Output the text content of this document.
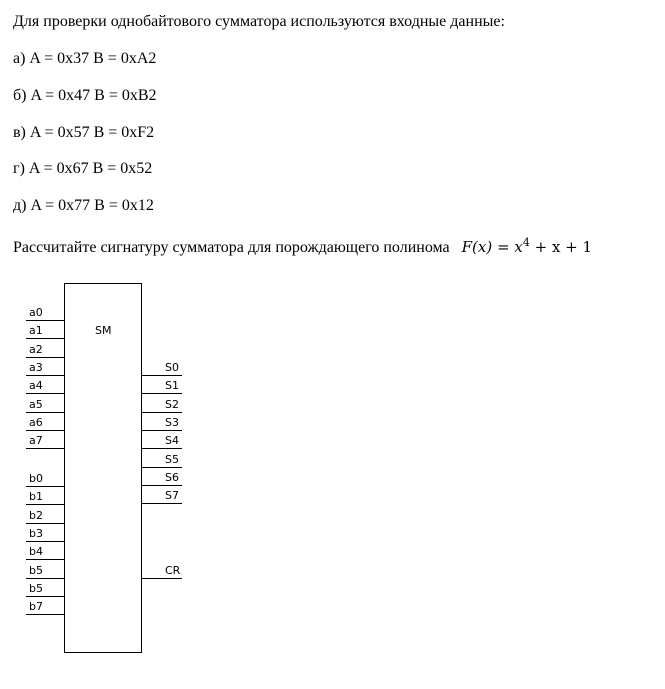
Для проверки однобайтового сумматора используются входные данные:
а) A = 0x37 B = 0xA2
б) A = 0x47 B = 0xB2
в) A = 0x57 B = 0xF2
г) A = 0x67 B = 0x52
д) A = 0x77 B = 0x12
Рассчитайте сигнатуру сумматора для порождающего полинома $F(x) = x^4 + x + 1$
SM
a0
a1
a2
a3
a4
a5
a6
a7
b0
b1
b2
b3
b4
b5
b5
b7
S0
S1
S2
S3
S4
S5
S6
S7
CR
